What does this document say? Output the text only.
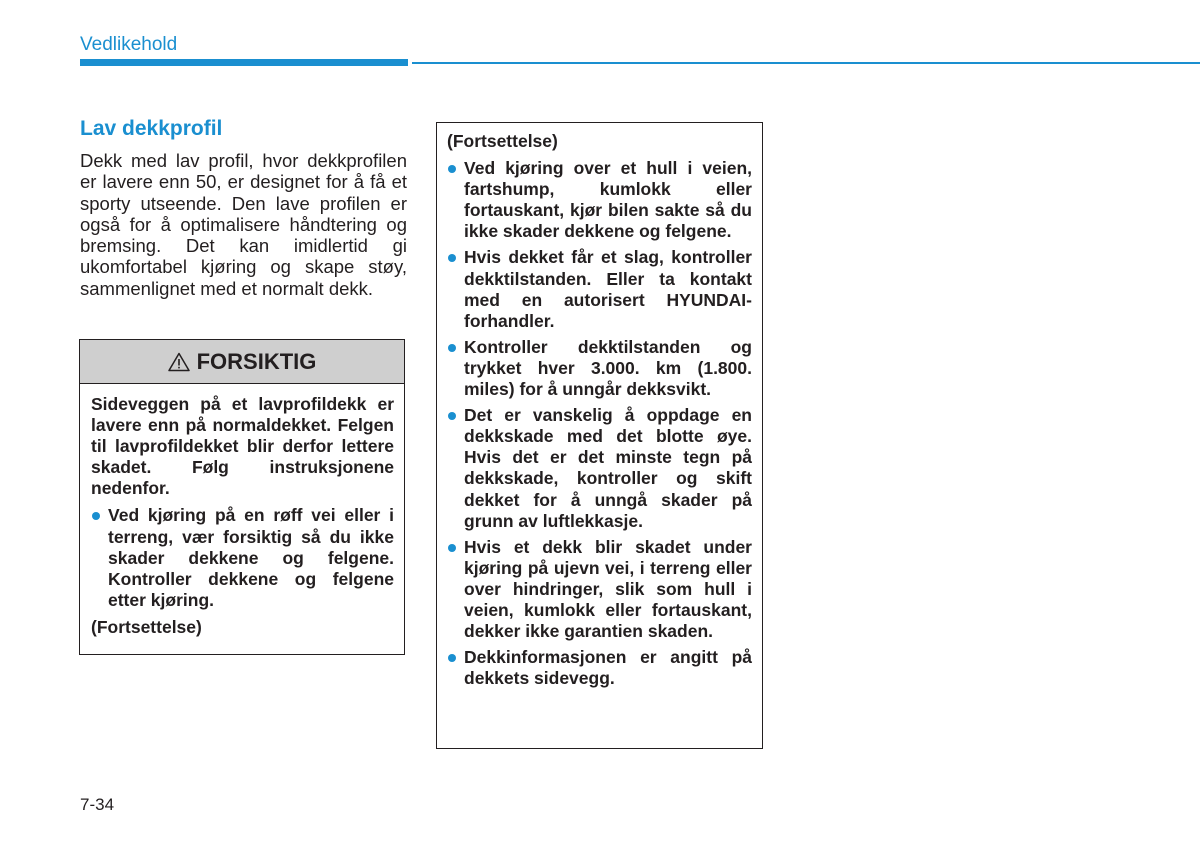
Vedlikehold
Lav dekkprofil

Dekk med lav profil, hvor dekkprofilen er lavere enn 50, er designet for å få et sporty utseende. Den lave profilen er også for å optimalisere håndtering og bremsing. Det kan imidlertid gi ukomfortabel kjøring og skape støy, sammenlignet med et normalt dekk.

FORSIKTIG

Sideveggen på et lavprofildekk er lavere enn på normaldekket. Felgen til lavprofildekket blir derfor lettere skadet. Følg instruksjonene nedenfor.

Ved kjøring på en røff vei eller i terreng, vær forsiktig så du ikke skader dekkene og felgene. Kontroller dekkene og felgene etter kjøring.

(Fortsettelse)

(Fortsettelse)

Ved kjøring over et hull i veien, fartshump, kumlokk eller fortauskant, kjør bilen sakte så du ikke skader dekkene og felgene.
Hvis dekket får et slag, kontroller dekktilstanden. Eller ta kontakt med en autorisert HYUNDAI-forhandler.
Kontroller dekktilstanden og trykket hver 3.000. km (1.800. miles) for å unngår dekksvikt.
Det er vanskelig å oppdage en dekkskade med det blotte øye. Hvis det er det minste tegn på dekkskade, kontroller og skift dekket for å unngå skader på grunn av luftlekkasje.
Hvis et dekk blir skadet under kjøring på ujevn vei, i terreng eller over hindringer, slik som hull i veien, kumlokk eller fortauskant, dekker ikke garantien skaden.
Dekkinformasjonen er angitt på dekkets sidevegg.
7-34
